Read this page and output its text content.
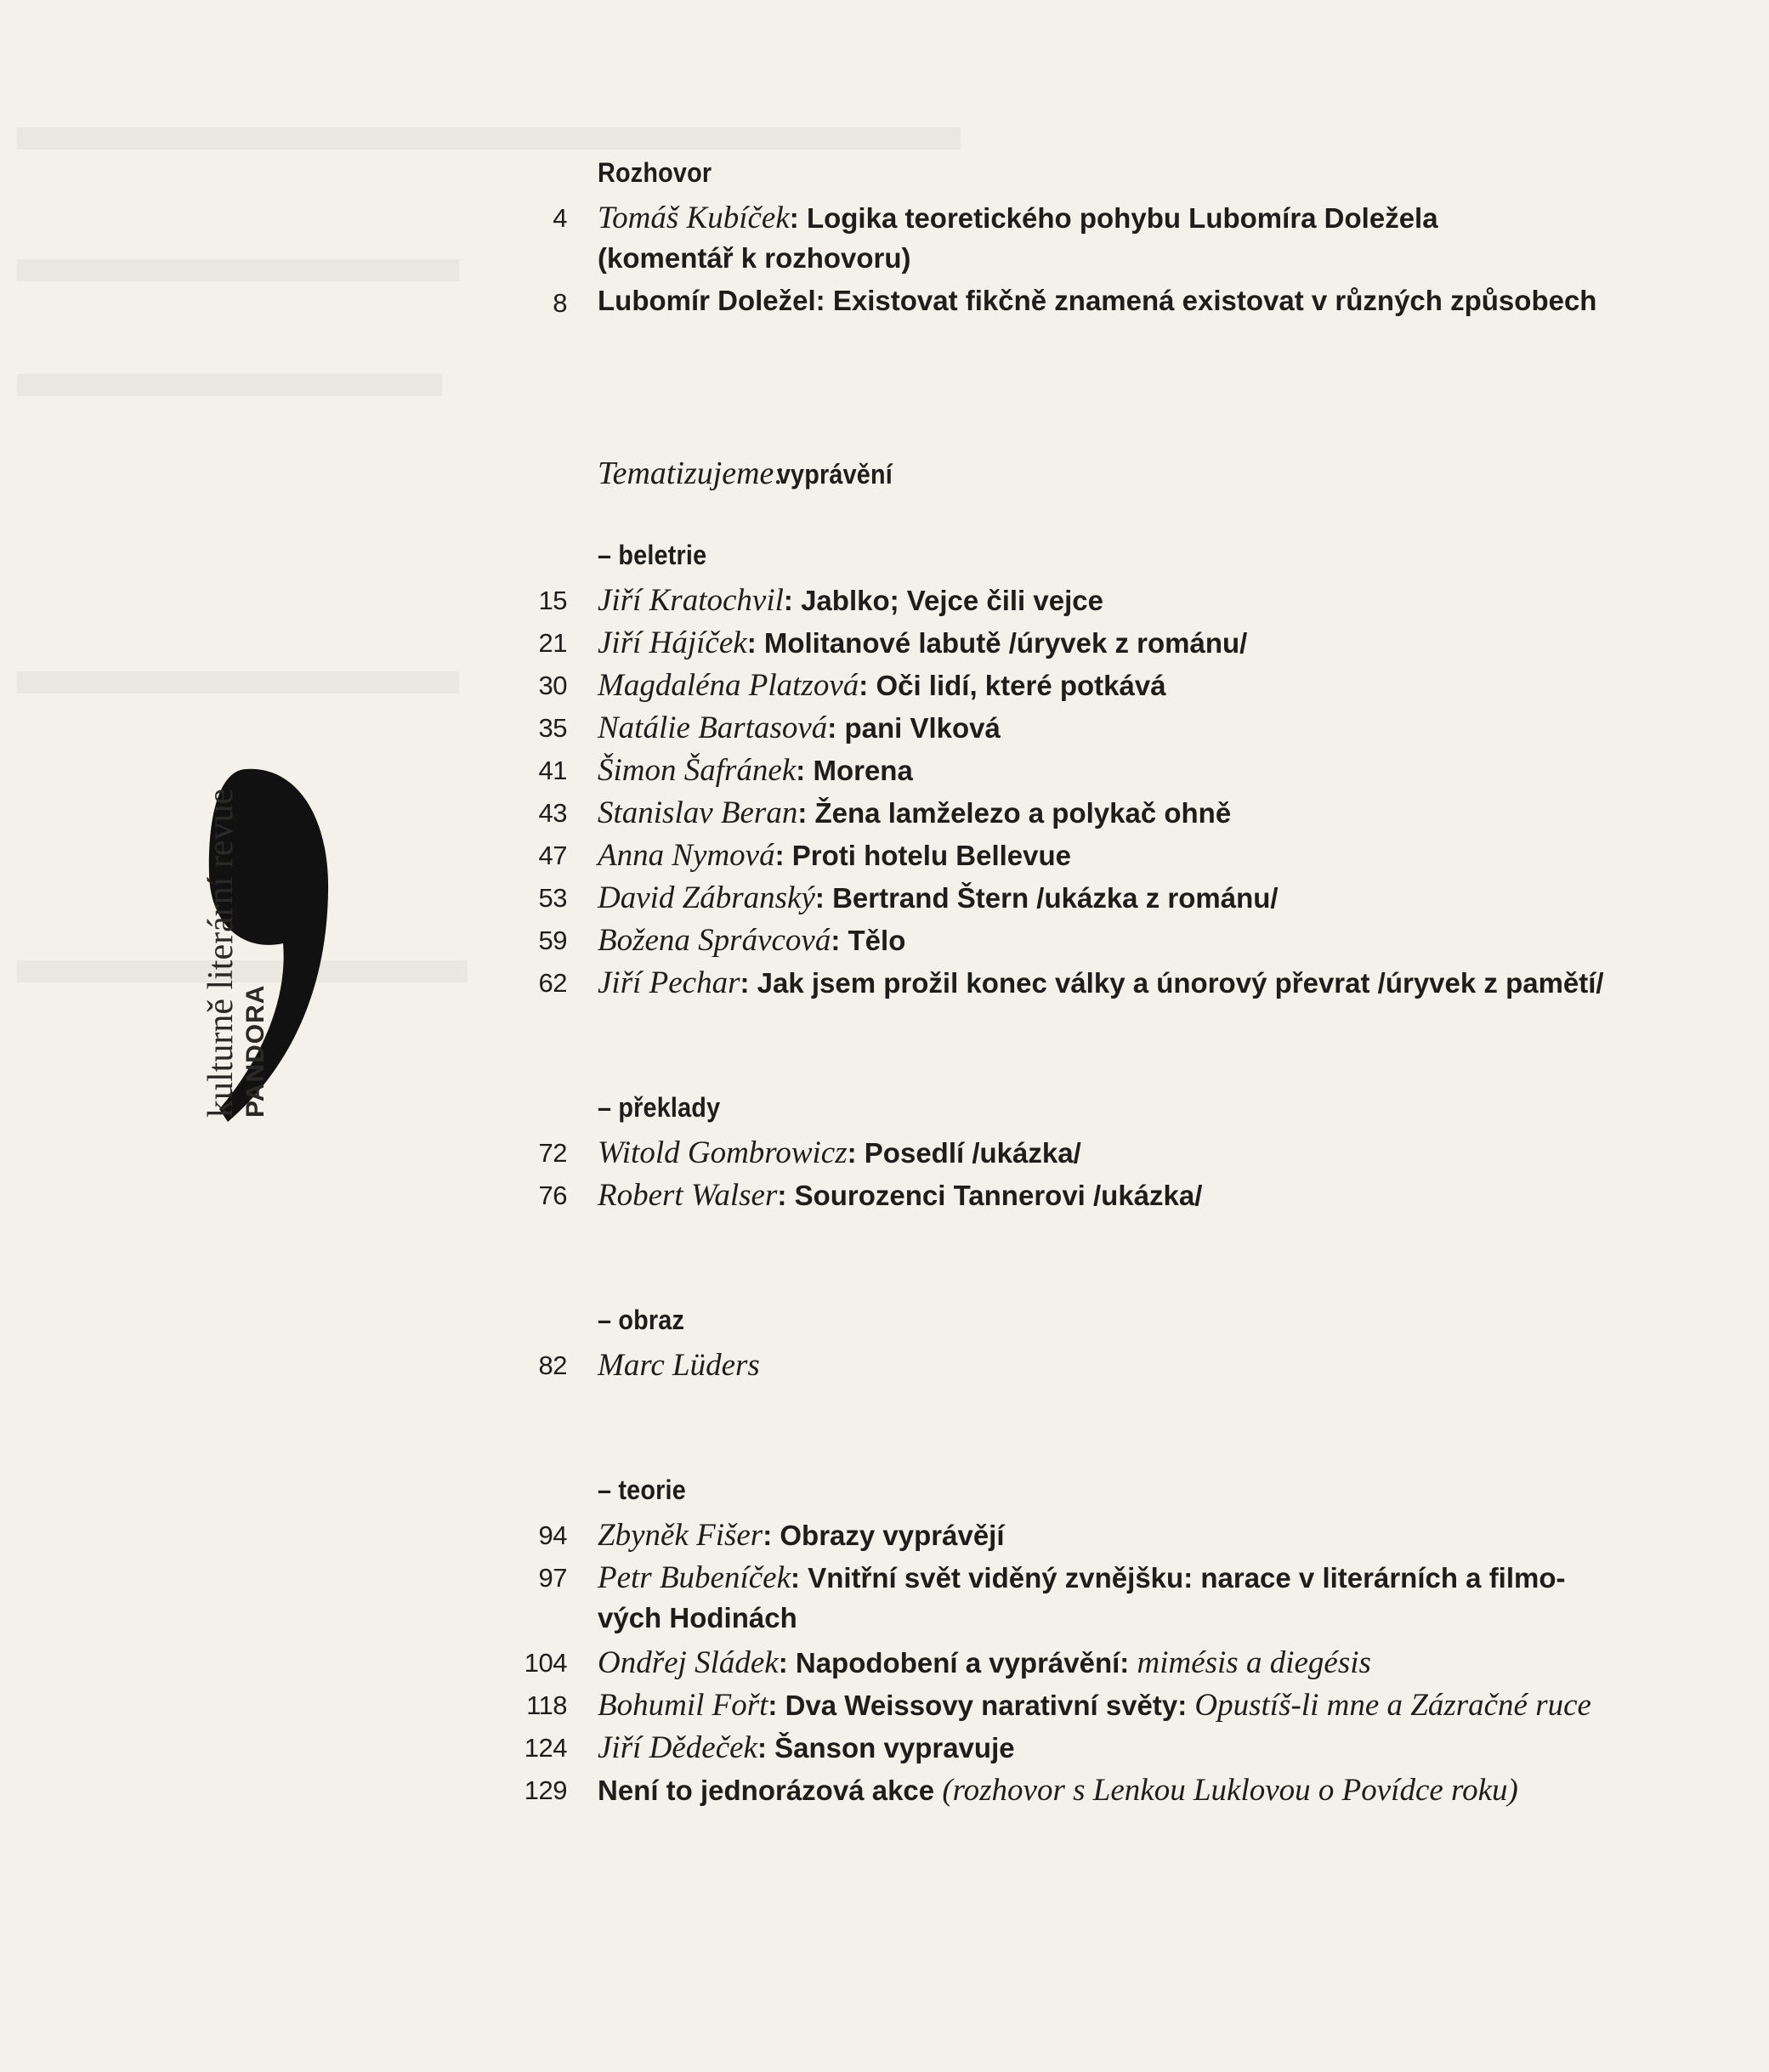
Rozhovor
4 Tomáš Kubíček: Logika teoretického pohybu Lubomíra Doležela
(komentář k rozhovoru)
8 Lubomír Doležel: Existovat fikčně znamená existovat v různých způsobech
Tematizujeme:vyprávění
– beletrie
15 Jiří Kratochvil: Jablko; Vejce čili vejce
21 Jiří Hájíček: Molitanové labutě /úryvek z románu/
30 Magdaléna Platzová: Oči lidí, které potkává
35 Natálie Bartasová: pani Vlková
41 Šimon Šafránek: Morena
43 Stanislav Beran: Žena lamželezo a polykač ohně
47 Anna Nymová: Proti hotelu Bellevue
53 David Zábranský: Bertrand Štern /ukázka z románu/
59 Božena Správcová: Tělo
62 Jiří Pechar: Jak jsem prožil konec války a únorový převrat /úryvek z pamětí/
– překlady
72 Witold Gombrowicz: Posedlí /ukázka/
76 Robert Walser: Sourozenci Tannerovi /ukázka/
– obraz
82 Marc Lüders
– teorie
94 Zbyněk Fišer: Obrazy vyprávějí
97 Petr Bubeníček: Vnitřní svět viděný zvnějšku: narace v literárních a filmo-
vých Hodinách
104 Ondřej Sládek: Napodobení a vyprávění: mimésis a diegésis
118 Bohumil Fořt: Dva Weissovy narativní světy: Opustíš-li mne a Zázračné ruce
124 Jiří Dědeček: Šanson vypravuje
129 Není to jednorázová akce (rozhovor s Lenkou Luklovou o Povídce roku)
kulturně literární revue PANDORA
